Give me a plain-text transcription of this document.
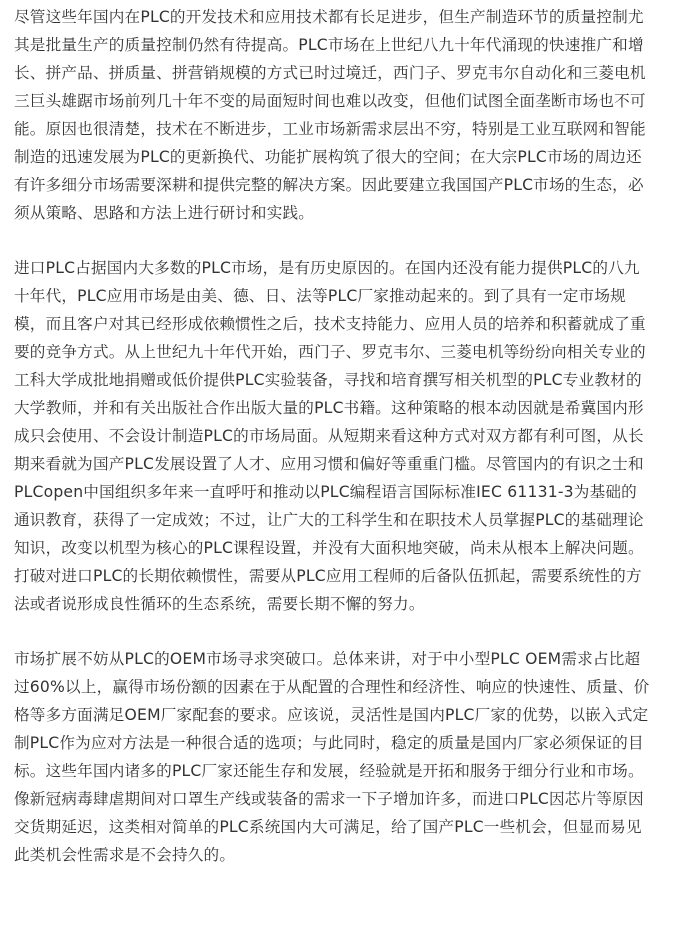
尽管这些年国内在PLC的开发技术和应用技术都有长足进步，但生产制造环节的质量控制尤
其是批量生产的质量控制仍然有待提高。PLC市场在上世纪八九十年代涌现的快速推广和增
长、拼产品、拼质量、拼营销规模的方式已时过境迁，西门子、罗克韦尔自动化和三菱电机
三巨头雄踞市场前列几十年不变的局面短时间也难以改变，但他们试图全面垄断市场也不可
能。原因也很清楚，技术在不断进步，工业市场新需求层出不穷，特别是工业互联网和智能
制造的迅速发展为PLC的更新换代、功能扩展构筑了很大的空间；在大宗PLC市场的周边还
有许多细分市场需要深耕和提供完整的解决方案。因此要建立我国国产PLC市场的生态，必
须从策略、思路和方法上进行研讨和实践。
进口PLC占据国内大多数的PLC市场，是有历史原因的。在国内还没有能力提供PLC的八九
十年代，PLC应用市场是由美、德、日、法等PLC厂家推动起来的。到了具有一定市场规
模，而且客户对其已经形成依赖惯性之后，技术支持能力、应用人员的培养和积蓄就成了重
要的竞争方式。从上世纪九十年代开始，西门子、罗克韦尔、三菱电机等纷纷向相关专业的
工科大学成批地捐赠或低价提供PLC实验装备，寻找和培育撰写相关机型的PLC专业教材的
大学教师，并和有关出版社合作出版大量的PLC书籍。这种策略的根本动因就是希冀国内形
成只会使用、不会设计制造PLC的市场局面。从短期来看这种方式对双方都有利可图，从长
期来看就为国产PLC发展设置了人才、应用习惯和偏好等重重门槛。尽管国内的有识之士和
PLCopen中国组织多年来一直呼吁和推动以PLC编程语言国际标准IEC 61131-3为基础的
通识教育，获得了一定成效；不过，让广大的工科学生和在职技术人员掌握PLC的基础理论
知识，改变以机型为核心的PLC课程设置，并没有大面积地突破，尚未从根本上解决问题。
打破对进口PLC的长期依赖惯性，需要从PLC应用工程师的后备队伍抓起，需要系统性的方
法或者说形成良性循环的生态系统，需要长期不懈的努力。
市场扩展不妨从PLC的OEM市场寻求突破口。总体来讲，对于中小型PLC OEM需求占比超
过60%以上，赢得市场份额的因素在于从配置的合理性和经济性、响应的快速性、质量、价
格等多方面满足OEM厂家配套的要求。应该说，灵活性是国内PLC厂家的优势，以嵌入式定
制PLC作为应对方法是一种很合适的选项；与此同时，稳定的质量是国内厂家必须保证的目
标。这些年国内诸多的PLC厂家还能生存和发展，经验就是开拓和服务于细分行业和市场。
像新冠病毒肆虐期间对口罩生产线或装备的需求一下子增加许多，而进口PLC因芯片等原因
交货期延迟，这类相对简单的PLC系统国内大可满足，给了国产PLC一些机会，但显而易见
此类机会性需求是不会持久的。
